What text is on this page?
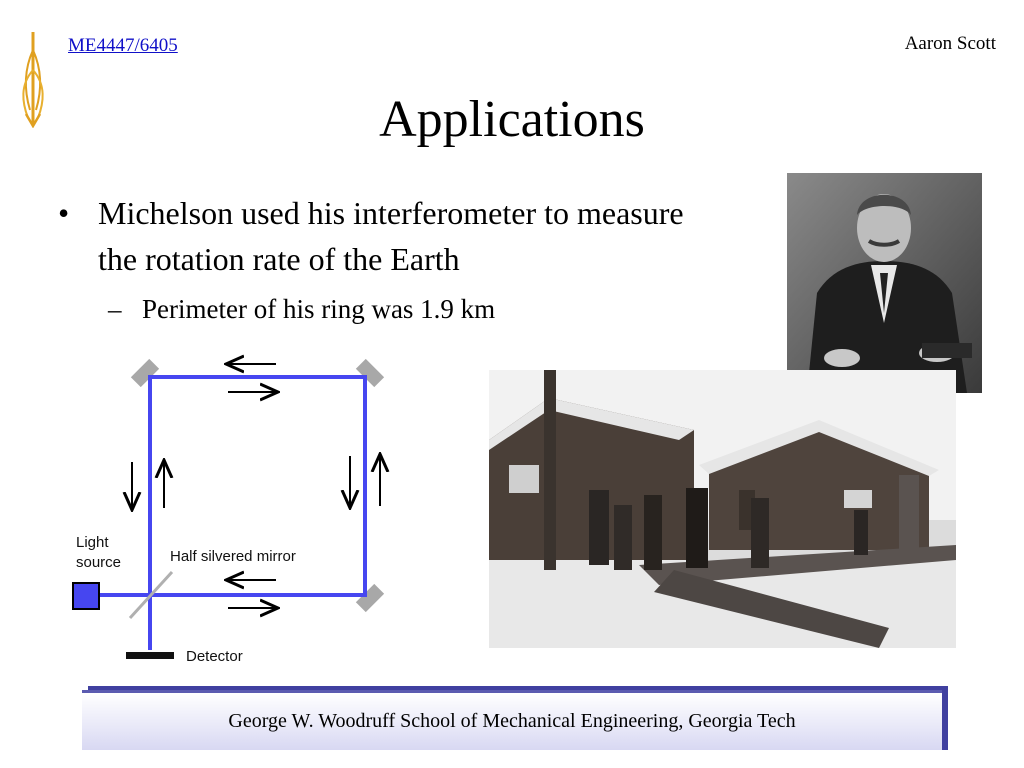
ME4447/6405	Aaron Scott
Applications
• Michelson used his interferometer to measure the rotation rate of the Earth
– Perimeter of his ring was 1.9 km
Light
source	Half silvered mirror
Detector
George W. Woodruff School of Mechanical Engineering, Georgia Tech
